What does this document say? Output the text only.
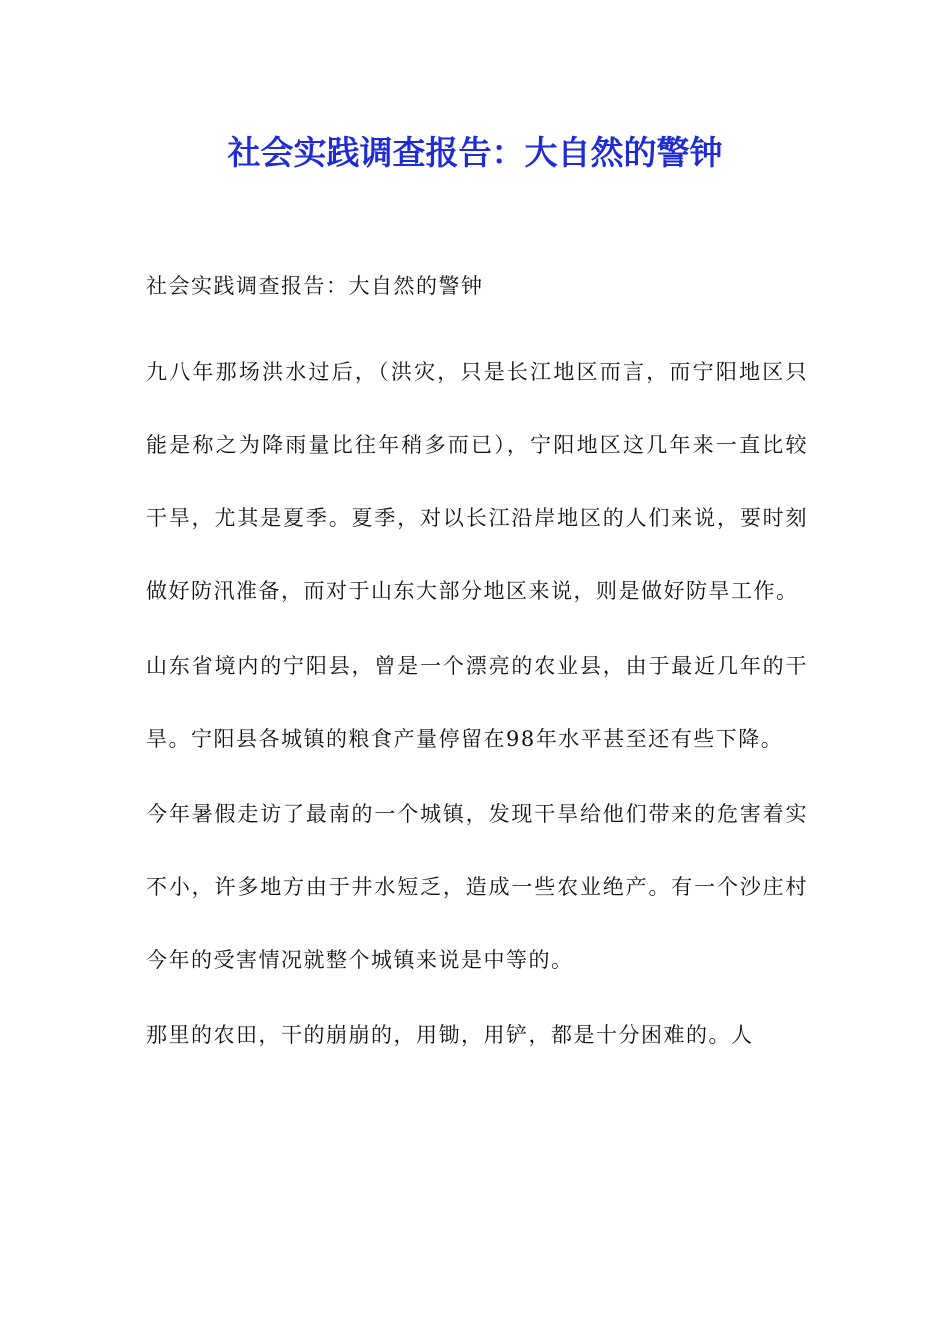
社会实践调查报告：大自然的警钟

社会实践调查报告：大自然的警钟

九八年那场洪水过后，（洪灾，只是长江地区而言，而宁阳地区只能是称之为降雨量比往年稍多而已），宁阳地区这几年来一直比较干旱，尤其是夏季。夏季，对以长江沿岸地区的人们来说，要时刻做好防汛准备，而对于山东大部分地区来说，则是做好防旱工作。

山东省境内的宁阳县，曾是一个漂亮的农业县，由于最近几年的干旱。宁阳县各城镇的粮食产量停留在98年水平甚至还有些下降。

今年暑假走访了最南的一个城镇，发现干旱给他们带来的危害着实不小，许多地方由于井水短乏，造成一些农业绝产。有一个沙庄村今年的受害情况就整个城镇来说是中等的。

那里的农田，干的崩崩的，用锄，用铲，都是十分困难的。人
